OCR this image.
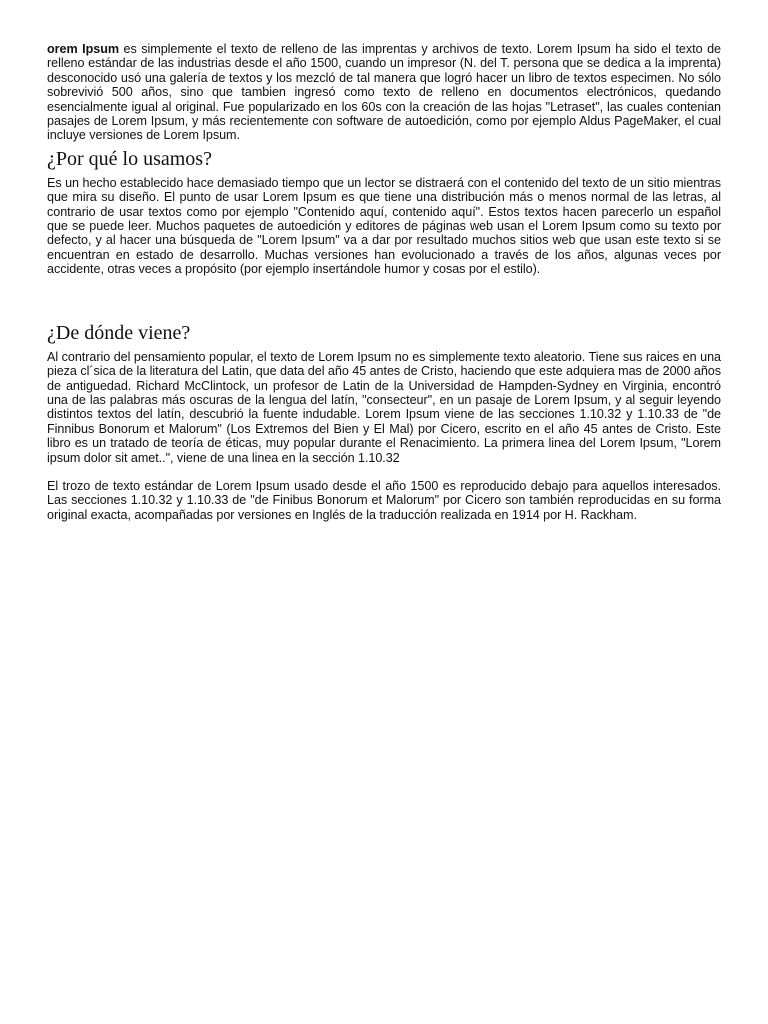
orem Ipsum es simplemente el texto de relleno de las imprentas y archivos de texto. Lorem Ipsum ha sido el texto de relleno estándar de las industrias desde el año 1500, cuando un impresor (N. del T. persona que se dedica a la imprenta) desconocido usó una galería de textos y los mezcló de tal manera que logró hacer un libro de textos especimen. No sólo sobrevivió 500 años, sino que tambien ingresó como texto de relleno en documentos electrónicos, quedando esencialmente igual al original. Fue popularizado en los 60s con la creación de las hojas "Letraset", las cuales contenian pasajes de Lorem Ipsum, y más recientemente con software de autoedición, como por ejemplo Aldus PageMaker, el cual incluye versiones de Lorem Ipsum.

¿Por qué lo usamos?

Es un hecho establecido hace demasiado tiempo que un lector se distraerá con el contenido del texto de un sitio mientras que mira su diseño. El punto de usar Lorem Ipsum es que tiene una distribución más o menos normal de las letras, al contrario de usar textos como por ejemplo "Contenido aquí, contenido aquí". Estos textos hacen parecerlo un español que se puede leer. Muchos paquetes de autoedición y editores de páginas web usan el Lorem Ipsum como su texto por defecto, y al hacer una búsqueda de "Lorem Ipsum" va a dar por resultado muchos sitios web que usan este texto si se encuentran en estado de desarrollo. Muchas versiones han evolucionado a través de los años, algunas veces por accidente, otras veces a propósito (por ejemplo insertándole humor y cosas por el estilo).

¿De dónde viene?

Al contrario del pensamiento popular, el texto de Lorem Ipsum no es simplemente texto aleatorio. Tiene sus raices en una pieza cl´sica de la literatura del Latin, que data del año 45 antes de Cristo, haciendo que este adquiera mas de 2000 años de antiguedad. Richard McClintock, un profesor de Latin de la Universidad de Hampden-Sydney en Virginia, encontró una de las palabras más oscuras de la lengua del latín, "consecteur", en un pasaje de Lorem Ipsum, y al seguir leyendo distintos textos del latín, descubrió la fuente indudable. Lorem Ipsum viene de las secciones 1.10.32 y 1.10.33 de "de Finnibus Bonorum et Malorum" (Los Extremos del Bien y El Mal) por Cicero, escrito en el año 45 antes de Cristo. Este libro es un tratado de teoría de éticas, muy popular durante el Renacimiento. La primera linea del Lorem Ipsum, "Lorem ipsum dolor sit amet..", viene de una linea en la sección 1.10.32

El trozo de texto estándar de Lorem Ipsum usado desde el año 1500 es reproducido debajo para aquellos interesados. Las secciones 1.10.32 y 1.10.33 de "de Finibus Bonorum et Malorum" por Cicero son también reproducidas en su forma original exacta, acompañadas por versiones en Inglés de la traducción realizada en 1914 por H. Rackham.
